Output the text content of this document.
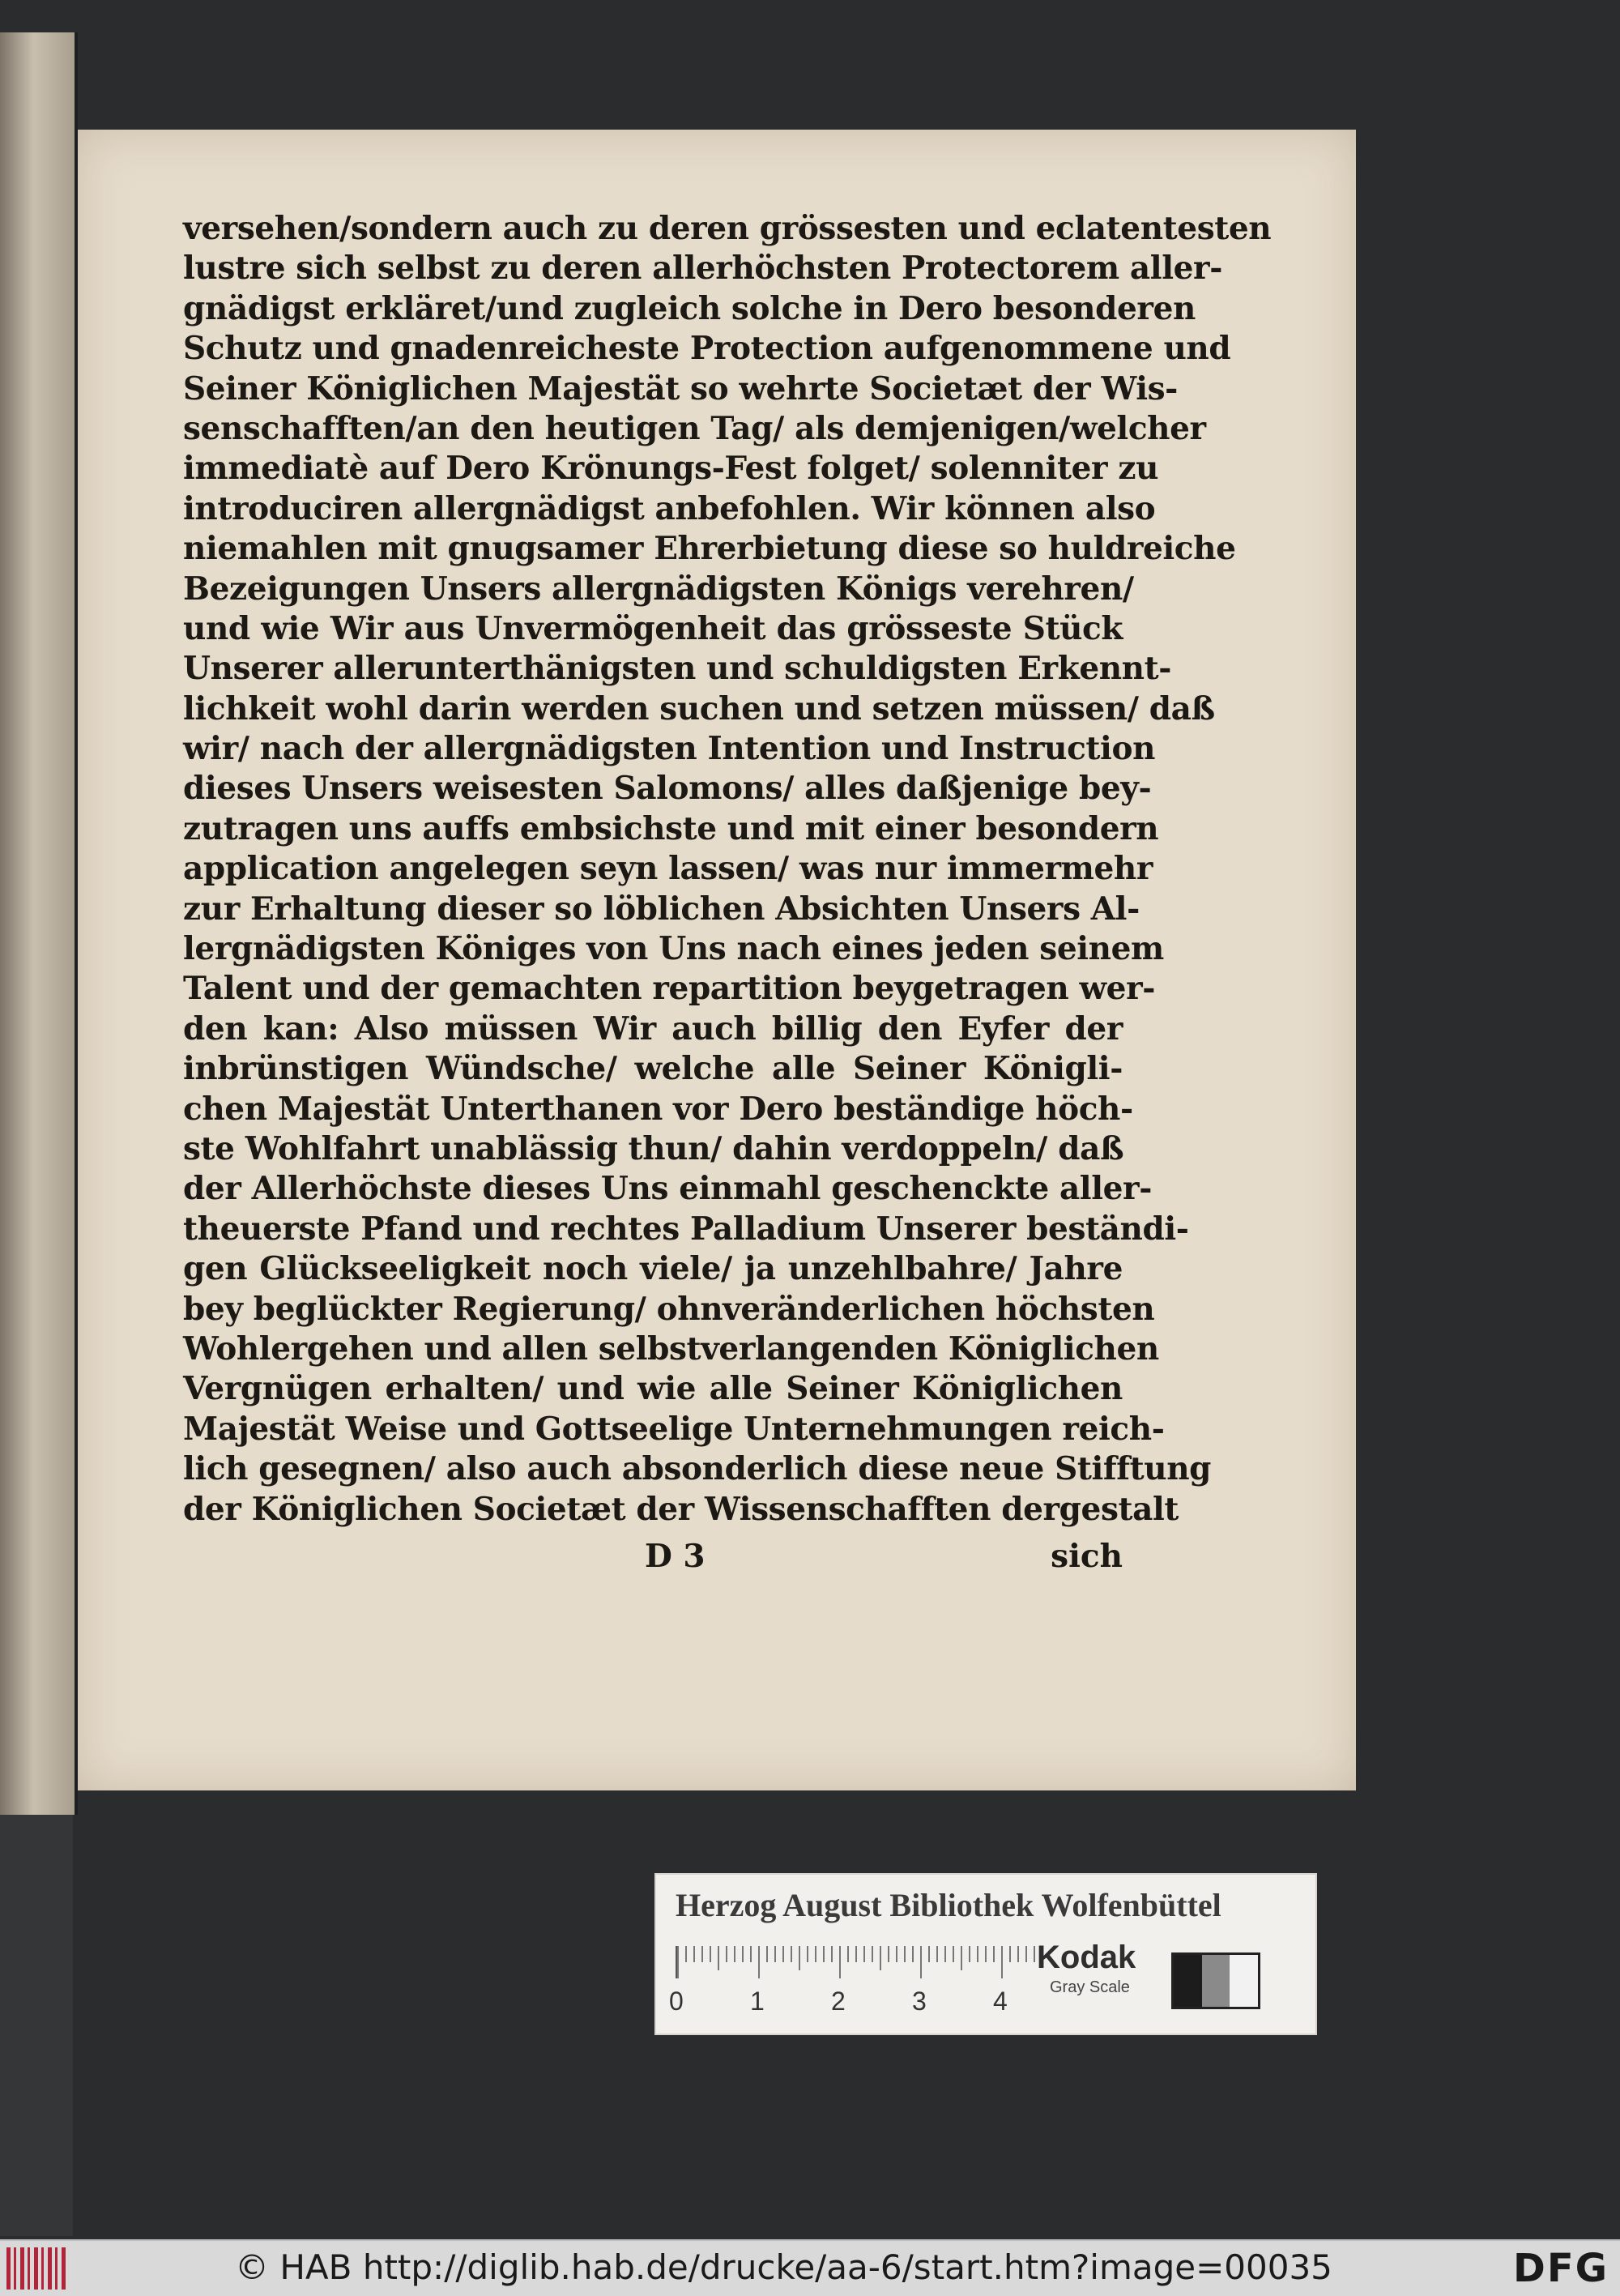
versehen/sondern auch zu deren grössesten und eclatentesten
lustre sich selbst zu deren allerhöchsten Protectorem aller-
gnädigst erkläret/und zugleich solche in Dero besonderen
Schutz und gnadenreicheste Protection aufgenommene und
Seiner Königlichen Majestät so wehrte Societæt der Wis-
senschafften/an den heutigen Tag/ als demjenigen/welcher
immediatè auf Dero Krönungs-Fest folget/ solenniter zu
introduciren allergnädigst anbefohlen. Wir können also
niemahlen mit gnugsamer Ehrerbietung diese so huldreiche
Bezeigungen Unsers allergnädigsten Königs verehren/
und wie Wir aus Unvermögenheit das grösseste Stück
Unserer allerunterthänigsten und schuldigsten Erkennt-
lichkeit wohl darin werden suchen und setzen müssen/ daß
wir/ nach der allergnädigsten Intention und Instruction
dieses Unsers weisesten Salomons/ alles daßjenige bey-
zutragen uns auffs embsichste und mit einer besondern
application angelegen seyn lassen/ was nur immermehr
zur Erhaltung dieser so löblichen Absichten Unsers Al-
lergnädigsten Königes von Uns nach eines jeden seinem
Talent und der gemachten repartition beygetragen wer-
den kan: Also müssen Wir auch billig den Eyfer der
inbrünstigen Wündsche/ welche alle Seiner Königli-
chen Majestät Unterthanen vor Dero beständige höch-
ste Wohlfahrt unablässig thun/ dahin verdoppeln/ daß
der Allerhöchste dieses Uns einmahl geschenckte aller-
theuerste Pfand und rechtes Palladium Unserer beständi-
gen Glückseeligkeit noch viele/ ja unzehlbahre/ Jahre
bey beglückter Regierung/ ohnveränderlichen höchsten
Wohlergehen und allen selbstverlangenden Königlichen
Vergnügen erhalten/ und wie alle Seiner Königlichen
Majestät Weise und Gottseelige Unternehmungen reich-
lich gesegnen/ also auch absonderlich diese neue Stifftung
der Königlichen Societæt der Wissenschafften dergestalt
D 3	sich
Herzog August Bibliothek Wolfenbüttel
0	1	2	3	4
Kodak
Gray Scale
© HAB http://diglib.hab.de/drucke/aa-6/start.htm?image=00035	DFG
